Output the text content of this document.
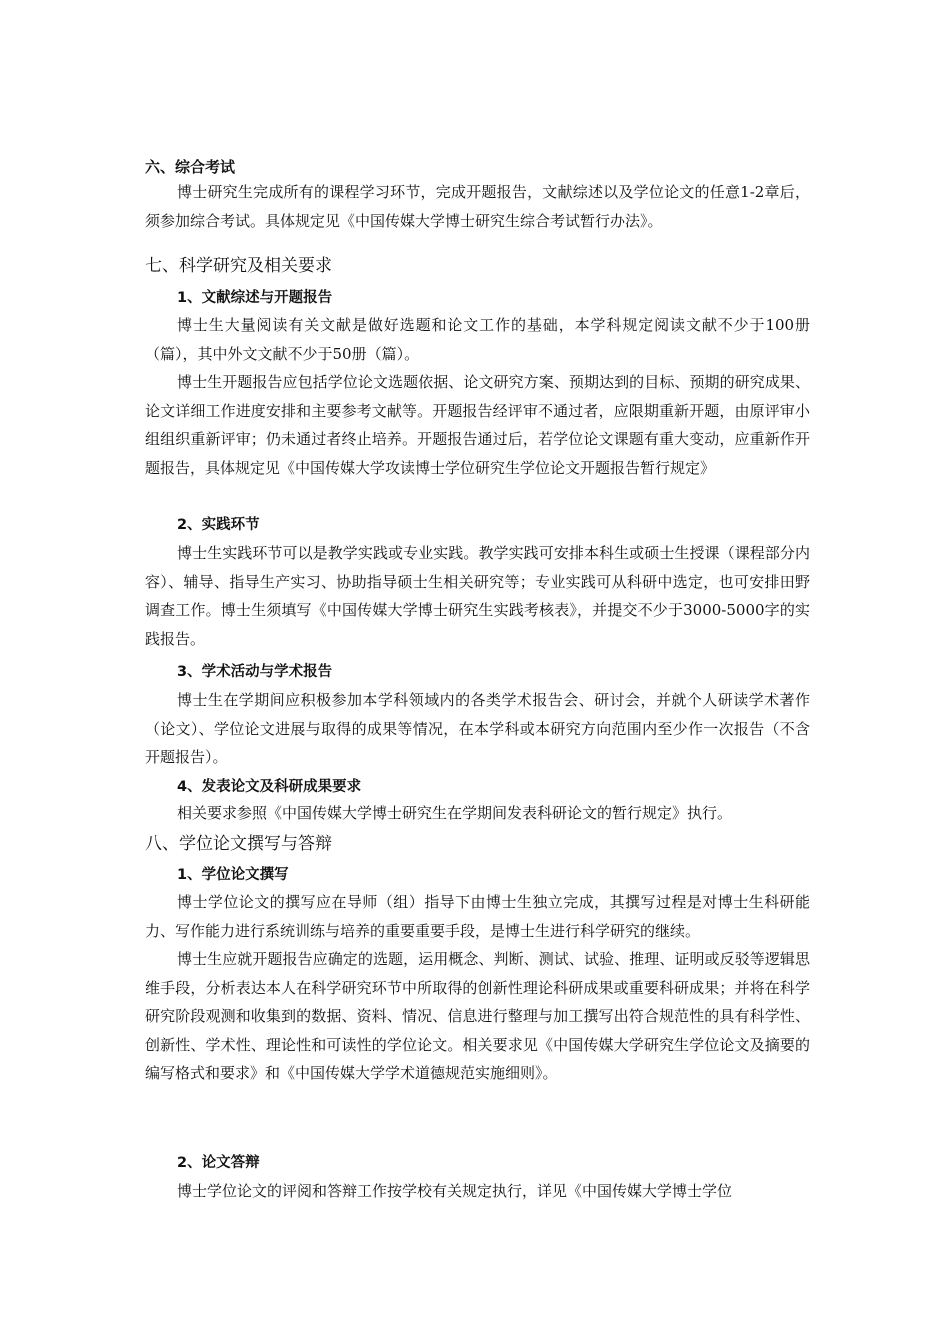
六、综合考试

博士研究生完成所有的课程学习环节，完成开题报告，文献综述以及学位论文的任意1-2章后，须参加综合考试。具体规定见《中国传媒大学博士研究生综合考试暂行办法》。

七、科学研究及相关要求
1、文献综述与开题报告

博士生大量阅读有关文献是做好选题和论文工作的基础，本学科规定阅读文献不少于100册（篇），其中外文文献不少于50册（篇）。

博士生开题报告应包括学位论文选题依据、论文研究方案、预期达到的目标、预期的研究成果、论文详细工作进度安排和主要参考文献等。开题报告经评审不通过者，应限期重新开题，由原评审小组组织重新评审；仍未通过者终止培养。开题报告通过后，若学位论文课题有重大变动，应重新作开题报告，具体规定见《中国传媒大学攻读博士学位研究生学位论文开题报告暂行规定》

2、实践环节

博士生实践环节可以是教学实践或专业实践。教学实践可安排本科生或硕士生授课（课程部分内容）、辅导、指导生产实习、协助指导硕士生相关研究等；专业实践可从科研中选定，也可安排田野调查工作。博士生须填写《中国传媒大学博士研究生实践考核表》，并提交不少于3000-5000字的实践报告。

3、学术活动与学术报告

博士生在学期间应积极参加本学科领域内的各类学术报告会、研讨会，并就个人研读学术著作（论文）、学位论文进展与取得的成果等情况，在本学科或本研究方向范围内至少作一次报告（不含开题报告）。

4、发表论文及科研成果要求

相关要求参照《中国传媒大学博士研究生在学期间发表科研论文的暂行规定》执行。

八、学位论文撰写与答辩
1、学位论文撰写

博士学位论文的撰写应在导师（组）指导下由博士生独立完成，其撰写过程是对博士生科研能力、写作能力进行系统训练与培养的重要重要手段，是博士生进行科学研究的继续。

博士生应就开题报告应确定的选题，运用概念、判断、测试、试验、推理、证明或反驳等逻辑思维手段，分析表达本人在科学研究环节中所取得的创新性理论科研成果或重要科研成果；并将在科学研究阶段观测和收集到的数据、资料、情况、信息进行整理与加工撰写出符合规范性的具有科学性、创新性、学术性、理论性和可读性的学位论文。相关要求见《中国传媒大学研究生学位论文及摘要的编写格式和要求》和《中国传媒大学学术道德规范实施细则》。

2、论文答辩

博士学位论文的评阅和答辩工作按学校有关规定执行，详见《中国传媒大学博士学位
